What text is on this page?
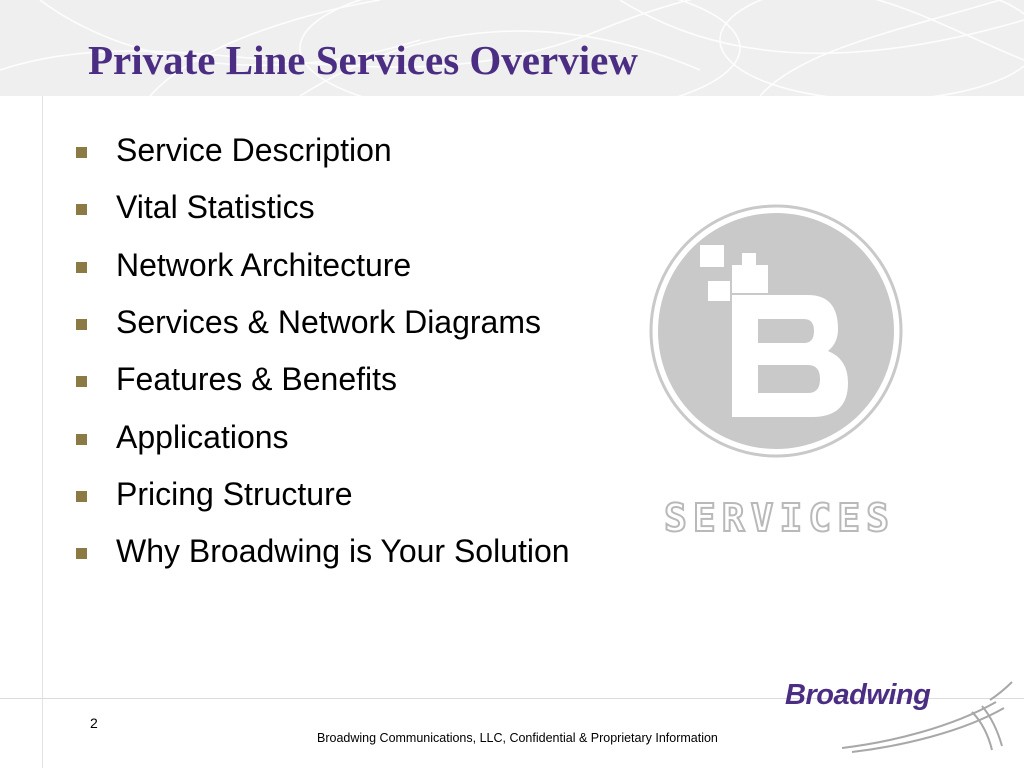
Private Line Services Overview
Service Description
Vital Statistics
Network Architecture
Services & Network Diagrams
Features & Benefits
Applications
Pricing Structure
Why Broadwing is Your Solution
SERVICES
2
Broadwing Communications, LLC, Confidential & Proprietary Information
Broadwing
